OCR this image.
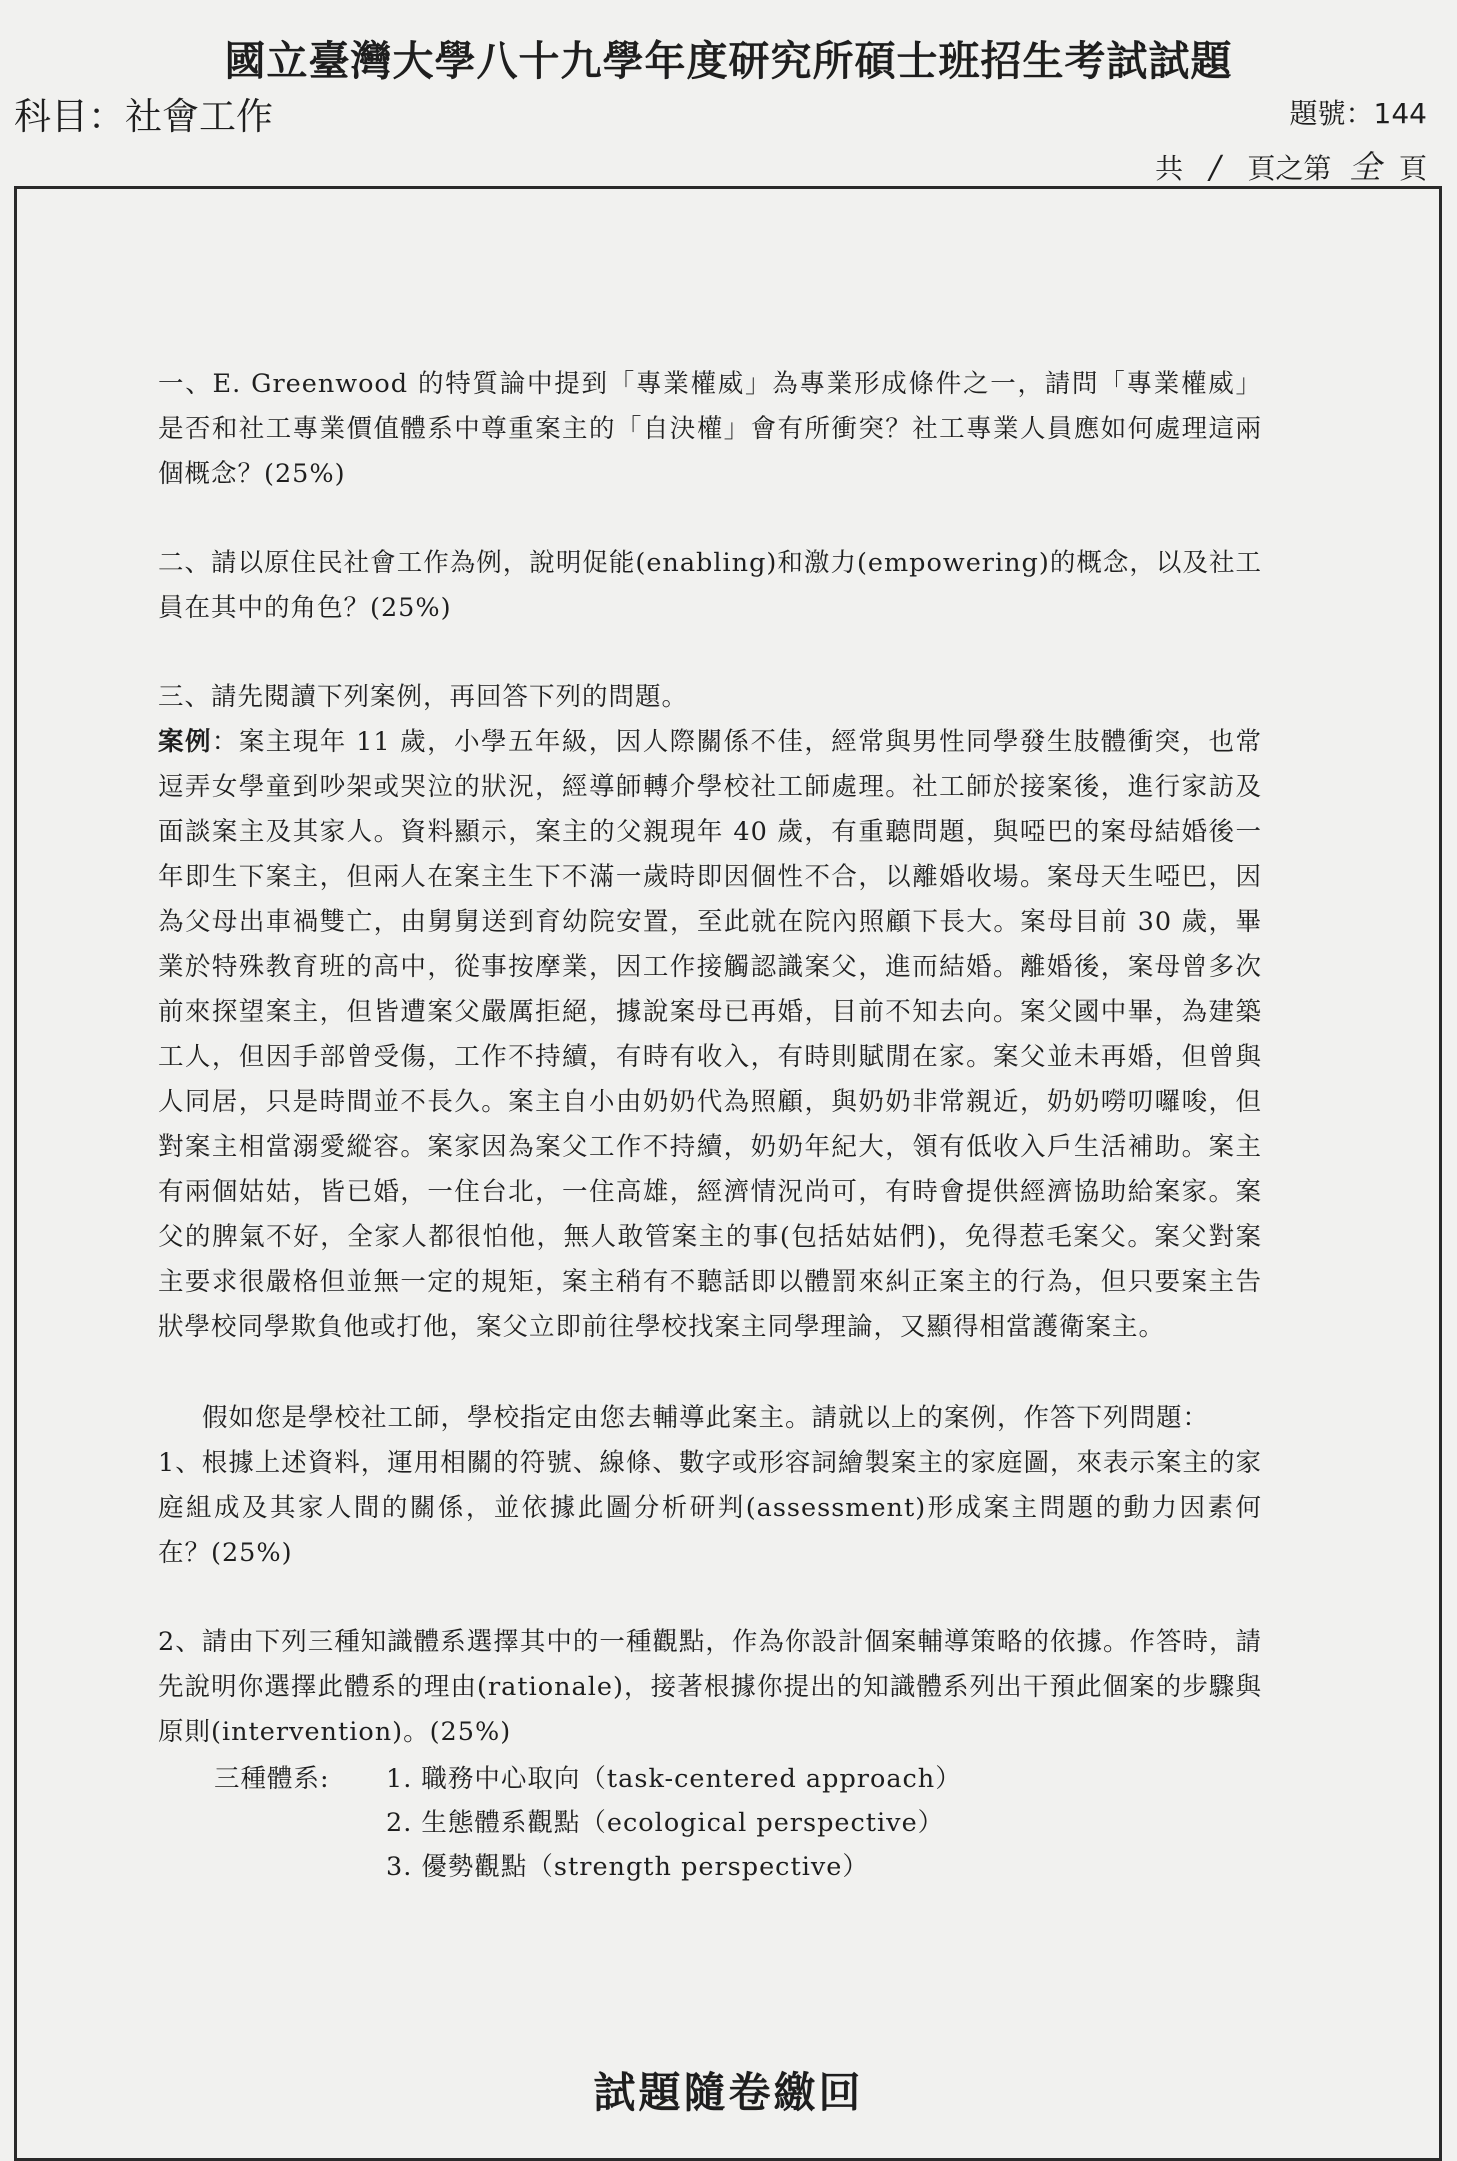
國立臺灣大學八十九學年度研究所碩士班招生考試試題
科目：社會工作	題號：144
共 / 頁之第 全 頁

一、E. Greenwood 的特質論中提到「專業權威」為專業形成條件之一，請問「專業權威」是否和社工專業價值體系中尊重案主的「自決權」會有所衝突？社工專業人員應如何處理這兩個概念？(25%)

二、請以原住民社會工作為例，說明促能(enabling)和激力(empowering)的概念，以及社工員在其中的角色？(25%)

三、請先閱讀下列案例，再回答下列的問題。

案例：案主現年 11 歲，小學五年級，因人際關係不佳，經常與男性同學發生肢體衝突，也常逗弄女學童到吵架或哭泣的狀況，經導師轉介學校社工師處理。社工師於接案後，進行家訪及面談案主及其家人。資料顯示，案主的父親現年 40 歲，有重聽問題，與啞巴的案母結婚後一年即生下案主，但兩人在案主生下不滿一歲時即因個性不合，以離婚收場。案母天生啞巴，因為父母出車禍雙亡，由舅舅送到育幼院安置，至此就在院內照顧下長大。案母目前 30 歲，畢業於特殊教育班的高中，從事按摩業，因工作接觸認識案父，進而結婚。離婚後，案母曾多次前來探望案主，但皆遭案父嚴厲拒絕，據說案母已再婚，目前不知去向。案父國中畢，為建築工人，但因手部曾受傷，工作不持續，有時有收入，有時則賦閒在家。案父並未再婚，但曾與人同居，只是時間並不長久。案主自小由奶奶代為照顧，與奶奶非常親近，奶奶嘮叨囉唆，但對案主相當溺愛縱容。案家因為案父工作不持續，奶奶年紀大，領有低收入戶生活補助。案主有兩個姑姑，皆已婚，一住台北，一住高雄，經濟情況尚可，有時會提供經濟協助給案家。案父的脾氣不好，全家人都很怕他，無人敢管案主的事(包括姑姑們)，免得惹毛案父。案父對案主要求很嚴格但並無一定的規矩，案主稍有不聽話即以體罰來糾正案主的行為，但只要案主告狀學校同學欺負他或打他，案父立即前往學校找案主同學理論，又顯得相當護衛案主。

假如您是學校社工師，學校指定由您去輔導此案主。請就以上的案例，作答下列問題：

1、根據上述資料，運用相關的符號、線條、數字或形容詞繪製案主的家庭圖，來表示案主的家庭組成及其家人間的關係，並依據此圖分析研判(assessment)形成案主問題的動力因素何在？(25%)

2、請由下列三種知識體系選擇其中的一種觀點，作為你設計個案輔導策略的依據。作答時，請先說明你選擇此體系的理由(rationale)，接著根據你提出的知識體系列出干預此個案的步驟與原則(intervention)。(25%)

三種體系:	1. 職務中心取向（task-centered approach）
2. 生態體系觀點（ecological perspective）
3. 優勢觀點（strength perspective）
試題隨卷繳回
